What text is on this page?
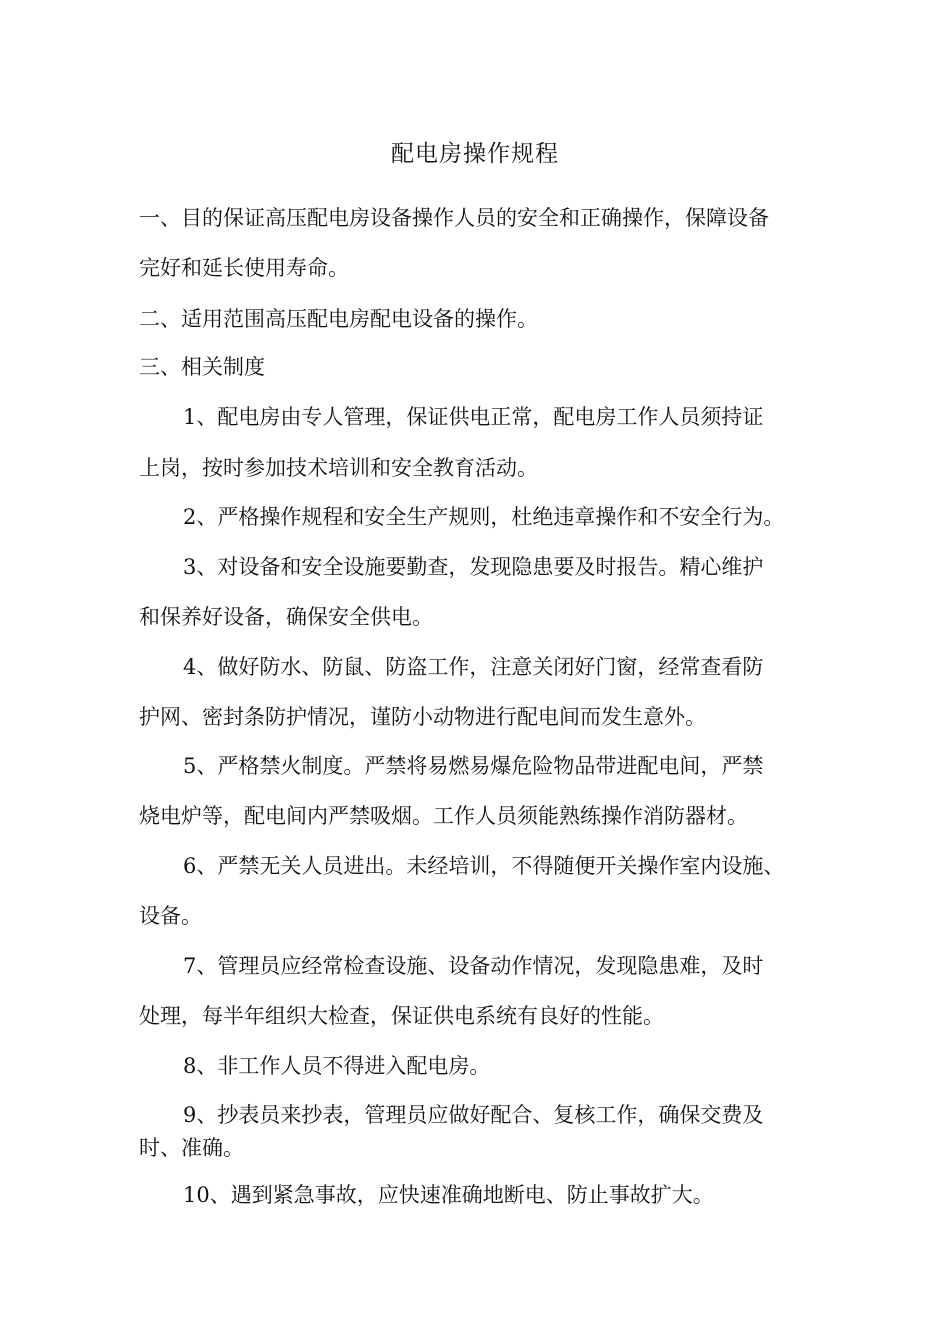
配电房操作规程
一、目的保证高压配电房设备操作人员的安全和正确操作，保障设备
完好和延长使用寿命。
二、适用范围高压配电房配电设备的操作。
三、相关制度
1、配电房由专人管理，保证供电正常，配电房工作人员须持证
上岗，按时参加技术培训和安全教育活动。
2、严格操作规程和安全生产规则，杜绝违章操作和不安全行为。
3、对设备和安全设施要勤查，发现隐患要及时报告。精心维护
和保养好设备，确保安全供电。
4、做好防水、防鼠、防盗工作，注意关闭好门窗，经常查看防
护网、密封条防护情况，谨防小动物进行配电间而发生意外。
5、严格禁火制度。严禁将易燃易爆危险物品带进配电间，严禁
烧电炉等，配电间内严禁吸烟。工作人员须能熟练操作消防器材。
6、严禁无关人员进出。未经培训，不得随便开关操作室内设施、
设备。
7、管理员应经常检查设施、设备动作情况，发现隐患难，及时
处理，每半年组织大检查，保证供电系统有良好的性能。
8、非工作人员不得进入配电房。
9、抄表员来抄表，管理员应做好配合、复核工作，确保交费及
时、准确。
10、遇到紧急事故，应快速准确地断电、防止事故扩大。
